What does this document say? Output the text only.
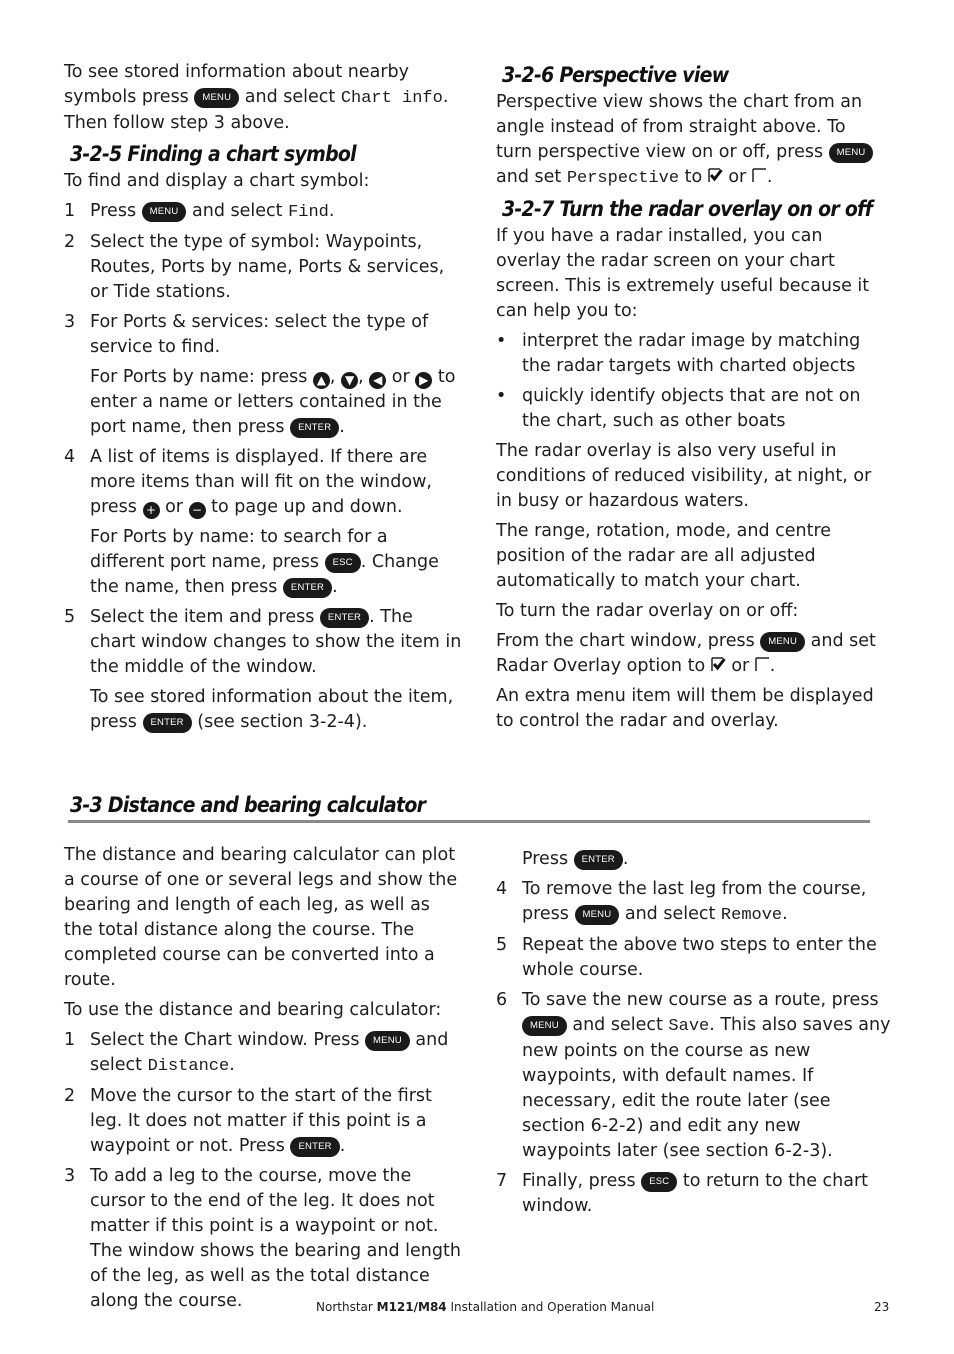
To see stored information about nearby symbols press MENU and select Chart info. Then follow step 3 above.

3-2-5 Finding a chart symbol

To find and display a chart symbol:

1 Press MENU and select Find.
2 Select the type of symbol: Waypoints, Routes, Ports by name, Ports & services, or Tide stations.
3 For Ports & services: select the type of service to find.
For Ports by name: press ▲ , ▼ , ◀ or ▶ to enter a name or letters contained in the port name, then press ENTER .
4 A list of items is displayed. If there are more items than will fit on the window, press + or − to page up and down.
For Ports by name: to search for a different port name, press ESC . Change the name, then press ENTER .
5 Select the item and press ENTER . The chart window changes to show the item in the middle of the window.
To see stored information about the item, press ENTER (see section 3-2-4).
3-2-6 Perspective view

Perspective view shows the chart from an angle instead of from straight above. To turn perspective view on or off, press MENU and set Perspective to or .

3-2-7 Turn the radar overlay on or off

If you have a radar installed, you can overlay the radar screen on your chart screen. This is extremely useful because it can help you to:

• interpret the radar image by matching the radar targets with charted objects
• quickly identify objects that are not on the chart, such as other boats

The radar overlay is also very useful in conditions of reduced visibility, at night, or in busy or hazardous waters.

The range, rotation, mode, and centre position of the radar are all adjusted automatically to match your chart.

To turn the radar overlay on or off:

From the chart window, press MENU and set Radar Overlay option to or .

An extra menu item will them be displayed to control the radar and overlay.

3-3 Distance and bearing calculator

The distance and bearing calculator can plot a course of one or several legs and show the bearing and length of each leg, as well as the total distance along the course. The completed course can be converted into a route.

To use the distance and bearing calculator:

1 Select the Chart window. Press MENU and select Distance.
2 Move the cursor to the start of the first leg. It does not matter if this point is a waypoint or not. Press ENTER .
3 To add a leg to the course, move the cursor to the end of the leg. It does not matter if this point is a waypoint or not. The window shows the bearing and length of the leg, as well as the total distance along the course.
Press ENTER .
4 To remove the last leg from the course, press MENU and select Remove.
5 Repeat the above two steps to enter the whole course.
6 To save the new course as a route, press MENU and select Save. This also saves any new points on the course as new waypoints, with default names. If necessary, edit the route later (see section 6-2-2) and edit any new waypoints later (see section 6-2-3).
7 Finally, press ESC to return to the chart window.
Northstar M121/M84 Installation and Operation Manual	23
